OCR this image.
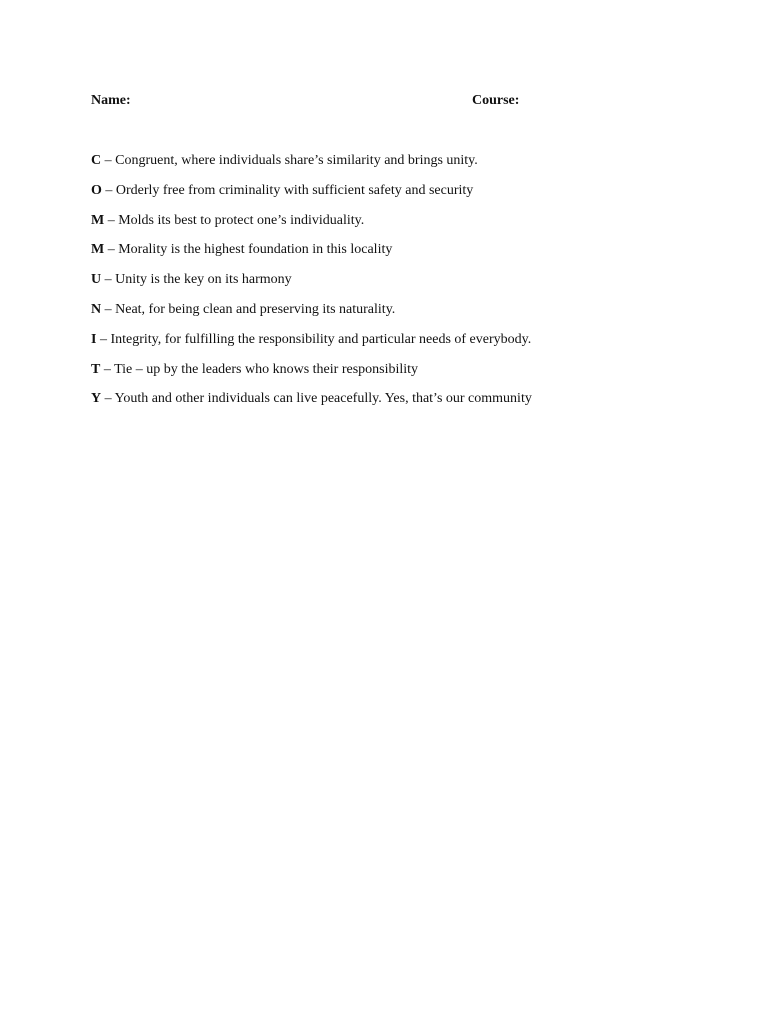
Name:	Course:
C – Congruent, where individuals share’s similarity and brings unity.
O – Orderly free from criminality with sufficient safety and security
M – Molds its best to protect one’s individuality.
M – Morality is the highest foundation in this locality
U – Unity is the key on its harmony
N – Neat, for being clean and preserving its naturality.
I – Integrity, for fulfilling the responsibility and particular needs of everybody.
T – Tie – up by the leaders who knows their responsibility
Y – Youth and other individuals can live peacefully. Yes, that’s our community
